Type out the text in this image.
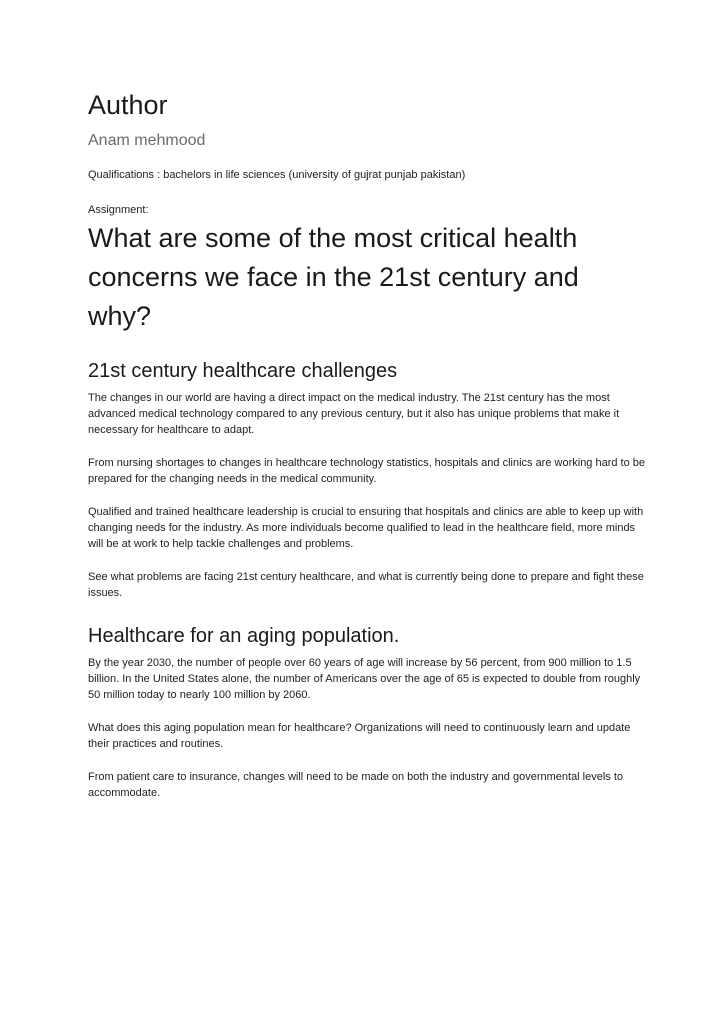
Author

Anam mehmood

Qualifications : bachelors in life sciences (university of gujrat punjab pakistan)

Assignment:

What are some of the most critical health concerns we face in the 21st century and why?
21st century healthcare challenges

The changes in our world are having a direct impact on the medical industry. The 21st century has the most advanced medical technology compared to any previous century, but it also has unique problems that make it necessary for healthcare to adapt.

From nursing shortages to changes in healthcare technology statistics, hospitals and clinics are working hard to be prepared for the changing needs in the medical community.

Qualified and trained healthcare leadership is crucial to ensuring that hospitals and clinics are able to keep up with changing needs for the industry. As more individuals become qualified to lead in the healthcare field, more minds will be at work to help tackle challenges and problems.

See what problems are facing 21st century healthcare, and what is currently being done to prepare and fight these issues.

Healthcare for an aging population.

By the year 2030, the number of people over 60 years of age will increase by 56 percent, from 900 million to 1.5 billion. In the United States alone, the number of Americans over the age of 65 is expected to double from roughly 50 million today to nearly 100 million by 2060.

What does this aging population mean for healthcare? Organizations will need to continuously learn and update their practices and routines.

From patient care to insurance, changes will need to be made on both the industry and governmental levels to accommodate.
